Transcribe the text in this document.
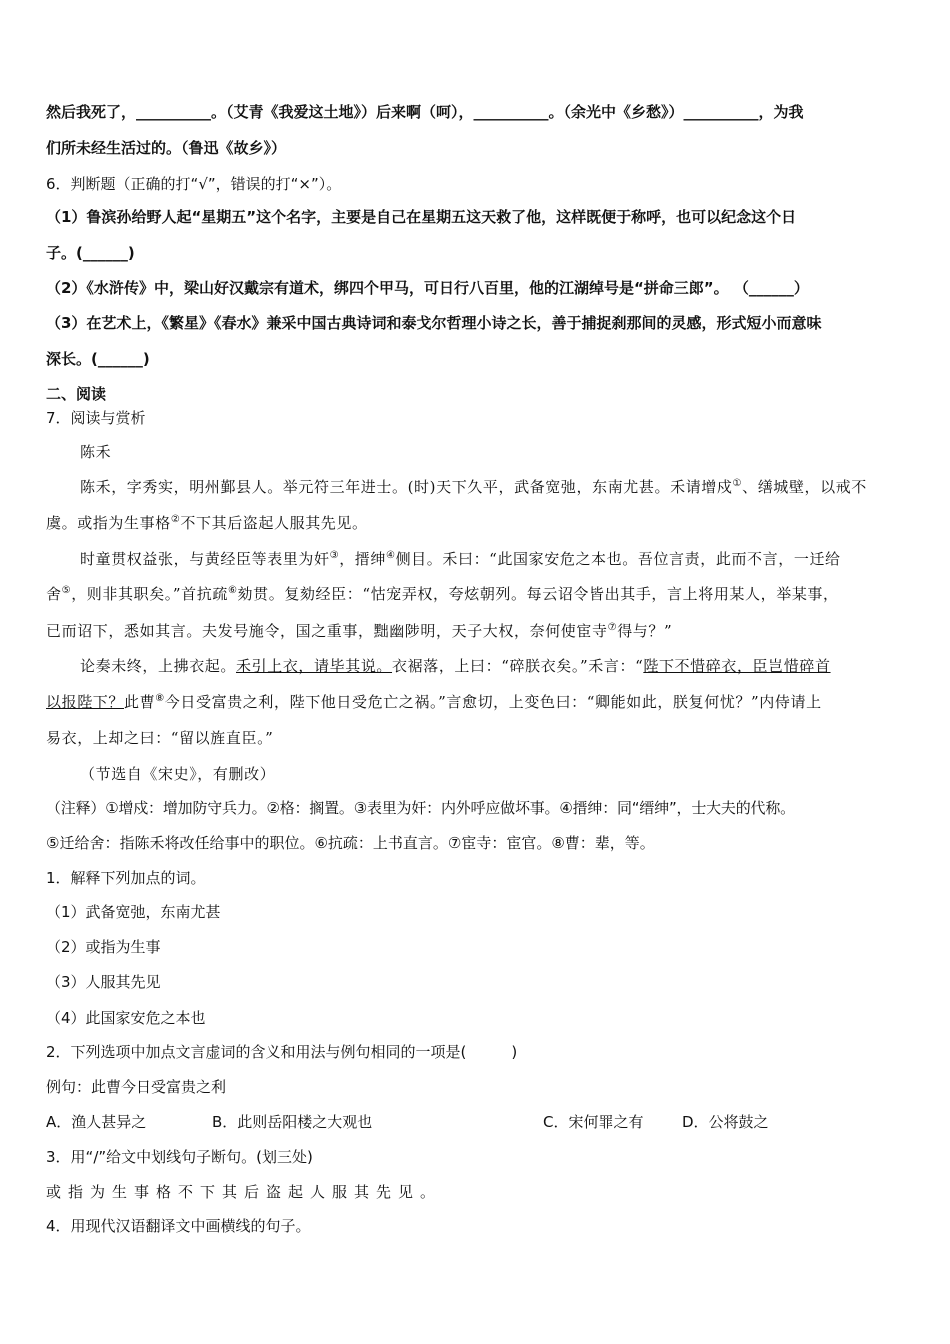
然后我死了，__________。（艾青《我爱这土地》）后来啊（呵），__________。（余光中《乡愁》）__________，为我
们所未经生活过的。（鲁迅《故乡》）
6．判断题（正确的打“√”，错误的打“×”）。
（1）鲁滨孙给野人起“星期五”这个名字，主要是自己在星期五这天救了他，这样既便于称呼，也可以纪念这个日
子。(______)
（2）《水浒传》中，梁山好汉戴宗有道术，绑四个甲马，可日行八百里，他的江湖绰号是“拼命三郎”。 （______）
（3）在艺术上，《繁星》《春水》兼采中国古典诗词和泰戈尔哲理小诗之长，善于捕捉刹那间的灵感，形式短小而意味
深长。(______)
二、阅读
7．阅读与赏析
陈禾
陈禾，字秀实，明州鄞县人。举元符三年进士。(时)天下久平，武备宽弛，东南尤甚。禾请增戍①、缮城壁，以戒不
虞。或指为生事格②不下其后盗起人服其先见。
时童贯权益张，与黄经臣等表里为奸③，搢绅④侧目。禾曰：“此国家安危之本也。吾位言责，此而不言，一迁给
舍⑤，则非其职矣。”首抗疏⑥劾贯。复劾经臣：“怙宠弄权，夸炫朝列。每云诏令皆出其手，言上将用某人，举某事，
已而诏下，悉如其言。夫发号施令，国之重事，黜幽陟明，天子大权，奈何使宦寺⑦得与？”
论奏未终，上拂衣起。禾引上衣，请毕其说。衣裾落，上曰：“碎朕衣矣。”禾言：“陛下不惜碎衣，臣岂惜碎首
以报陛下？此曹⑧今日受富贵之利，陛下他日受危亡之祸。”言愈切，上变色曰：“卿能如此，朕复何忧？”内侍请上
易衣，上却之曰：“留以旌直臣。”
（节选自《宋史》，有删改）
（注释）①增戍：增加防守兵力。②格：搁置。③表里为奸：内外呼应做坏事。④搢绅：同“缙绅”，士大夫的代称。
⑤迁给舍：指陈禾将改任给事中的职位。⑥抗疏：上书直言。⑦宦寺：宦官。⑧曹：辈，等。
1．解释下列加点的词。
（1）武备宽弛，东南尤甚
（2）或指为生事
（3）人服其先见
（4）此国家安危之本也
2．下列选项中加点文言虚词的含义和用法与例句相同的一项是(　　　)
例句：此曹今日受富贵之利
A．渔人甚异之	B．此则岳阳楼之大观也	C．宋何罪之有	D．公将鼓之
3．用“/”给文中划线句子断句。(划三处)
或指为生事格不下其后盗起人服其先见。
4．用现代汉语翻译文中画横线的句子。
